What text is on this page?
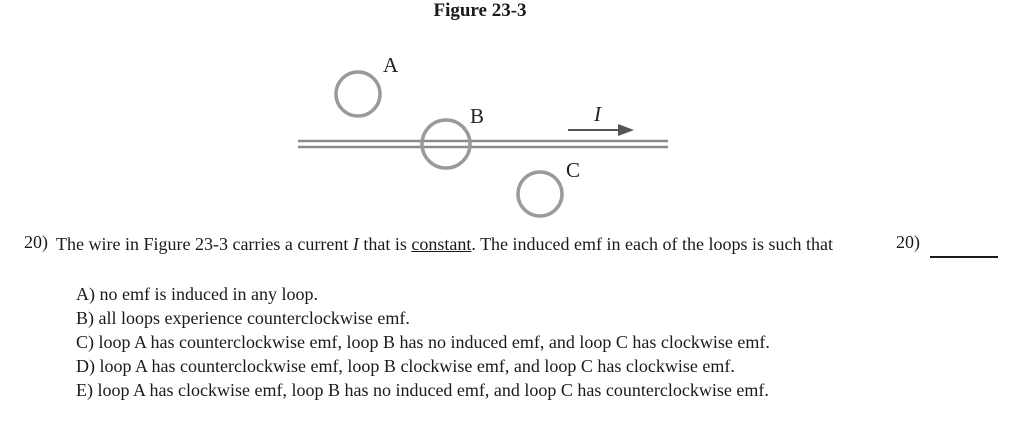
Figure 23-3
A
B
C
I
20) The wire in Figure 23-3 carries a current I that is constant. The induced emf in each of the loops is such that	20)
A) no emf is induced in any loop.
B) all loops experience counterclockwise emf.
C) loop A has counterclockwise emf, loop B has no induced emf, and loop C has clockwise emf.
D) loop A has counterclockwise emf, loop B clockwise emf, and loop C has clockwise emf.
E) loop A has clockwise emf, loop B has no induced emf, and loop C has counterclockwise emf.
